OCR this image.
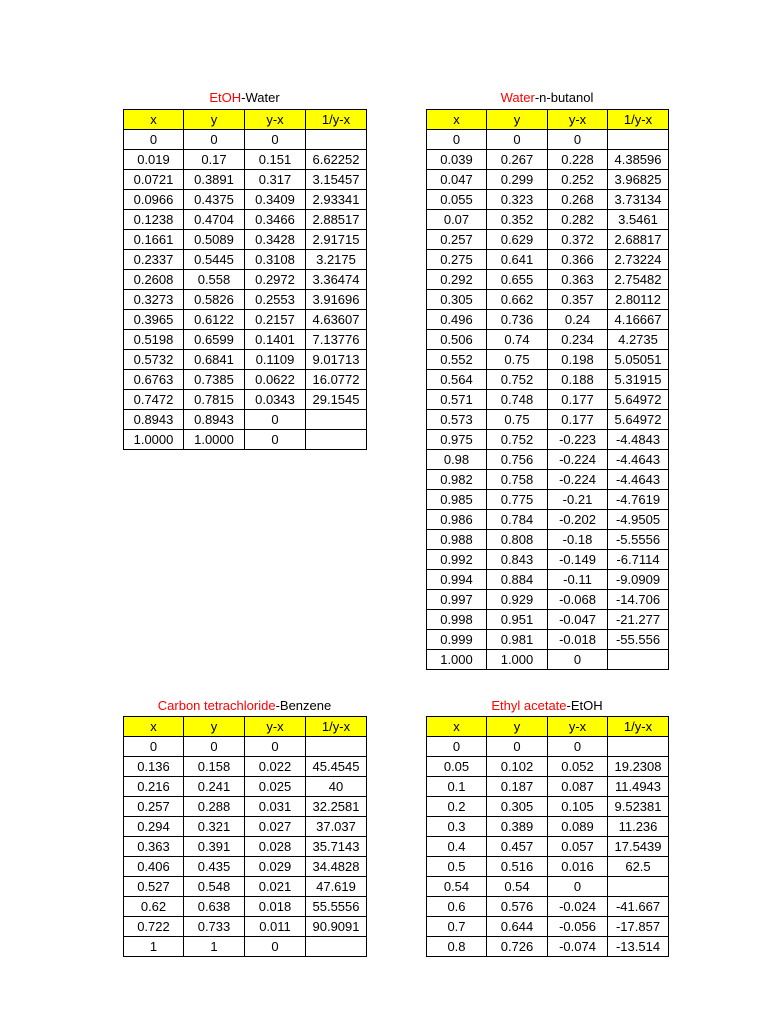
EtOH-Water
x	y	y-x	1/y-x
0	0	0	
0.019	0.17	0.151	6.62252
0.0721	0.3891	0.317	3.15457
0.0966	0.4375	0.3409	2.93341
0.1238	0.4704	0.3466	2.88517
0.1661	0.5089	0.3428	2.91715
0.2337	0.5445	0.3108	3.2175
0.2608	0.558	0.2972	3.36474
0.3273	0.5826	0.2553	3.91696
0.3965	0.6122	0.2157	4.63607
0.5198	0.6599	0.1401	7.13776
0.5732	0.6841	0.1109	9.01713
0.6763	0.7385	0.0622	16.0772
0.7472	0.7815	0.0343	29.1545
0.8943	0.8943	0	
1.0000	1.0000	0	
Water-n-butanol
x	y	y-x	1/y-x
0	0	0	
0.039	0.267	0.228	4.38596
0.047	0.299	0.252	3.96825
0.055	0.323	0.268	3.73134
0.07	0.352	0.282	3.5461
0.257	0.629	0.372	2.68817
0.275	0.641	0.366	2.73224
0.292	0.655	0.363	2.75482
0.305	0.662	0.357	2.80112
0.496	0.736	0.24	4.16667
0.506	0.74	0.234	4.2735
0.552	0.75	0.198	5.05051
0.564	0.752	0.188	5.31915
0.571	0.748	0.177	5.64972
0.573	0.75	0.177	5.64972
0.975	0.752	-0.223	-4.4843
0.98	0.756	-0.224	-4.4643
0.982	0.758	-0.224	-4.4643
0.985	0.775	-0.21	-4.7619
0.986	0.784	-0.202	-4.9505
0.988	0.808	-0.18	-5.5556
0.992	0.843	-0.149	-6.7114
0.994	0.884	-0.11	-9.0909
0.997	0.929	-0.068	-14.706
0.998	0.951	-0.047	-21.277
0.999	0.981	-0.018	-55.556
1.000	1.000	0	
Carbon tetrachloride-Benzene
x	y	y-x	1/y-x
0	0	0	
0.136	0.158	0.022	45.4545
0.216	0.241	0.025	40
0.257	0.288	0.031	32.2581
0.294	0.321	0.027	37.037
0.363	0.391	0.028	35.7143
0.406	0.435	0.029	34.4828
0.527	0.548	0.021	47.619
0.62	0.638	0.018	55.5556
0.722	0.733	0.011	90.9091
1	1	0	
Ethyl acetate-EtOH
x	y	y-x	1/y-x
0	0	0	
0.05	0.102	0.052	19.2308
0.1	0.187	0.087	11.4943
0.2	0.305	0.105	9.52381
0.3	0.389	0.089	11.236
0.4	0.457	0.057	17.5439
0.5	0.516	0.016	62.5
0.54	0.54	0	
0.6	0.576	-0.024	-41.667
0.7	0.644	-0.056	-17.857
0.8	0.726	-0.074	-13.514
